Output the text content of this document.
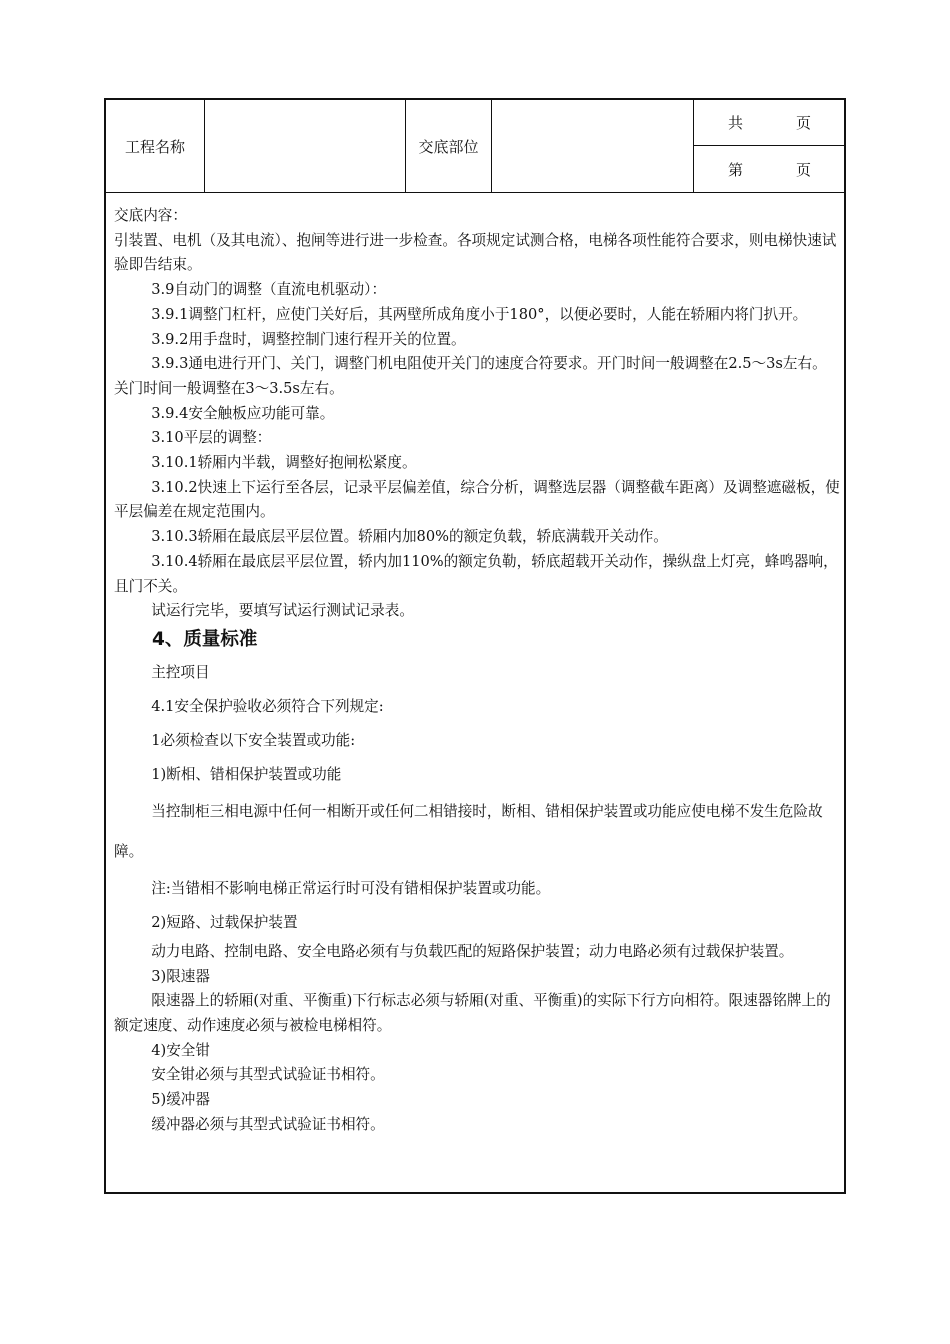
工程名称	交底部位
共	页
第	页

交底内容：

引装置、电机（及其电流）、抱闸等进行进一步检查。各项规定试测合格，电梯各项性能符合要求，则电梯快速试验即告结束。

3.9自动门的调整（直流电机驱动）：

3.9.1调整门杠杆，应使门关好后，其两壁所成角度小于180°，以便必要时，人能在轿厢内将门扒开。

3.9.2用手盘时，调整控制门速行程开关的位置。

3.9.3通电进行开门、关门，调整门机电阻使开关门的速度合符要求。开门时间一般调整在2.5～3s左右。关门时间一般调整在3～3.5s左右。

3.9.4安全触板应功能可靠。

3.10平层的调整：

3.10.1轿厢内半载，调整好抱闸松紧度。

3.10.2快速上下运行至各层，记录平层偏差值，综合分析，调整选层器（调整截车距离）及调整遮磁板，使平层偏差在规定范围内。

3.10.3轿厢在最底层平层位置。轿厢内加80%的额定负载，轿底满载开关动作。

3.10.4轿厢在最底层平层位置，轿内加110%的额定负勒，轿底超载开关动作，操纵盘上灯亮，蜂鸣器响，且门不关。

试运行完毕，要填写试运行测试记录表。

4、质量标准

主控项目

4.1安全保护验收必须符合下列规定:

1必须检查以下安全装置或功能:

1)断相、错相保护装置或功能

当控制柜三相电源中任何一相断开或任何二相错接时，断相、错相保护装置或功能应使电梯不发生危险故障。

注:当错相不影响电梯正常运行时可没有错相保护装置或功能。

2)短路、过载保护装置

动力电路、控制电路、安全电路必须有与负载匹配的短路保护装置；动力电路必须有过载保护装置。

3)限速器

限速器上的轿厢(对重、平衡重)下行标志必须与轿厢(对重、平衡重)的实际下行方向相符。限速器铭牌上的额定速度、动作速度必须与被检电梯相符。

4)安全钳

安全钳必须与其型式试验证书相符。

5)缓冲器

缓冲器必须与其型式试验证书相符。
